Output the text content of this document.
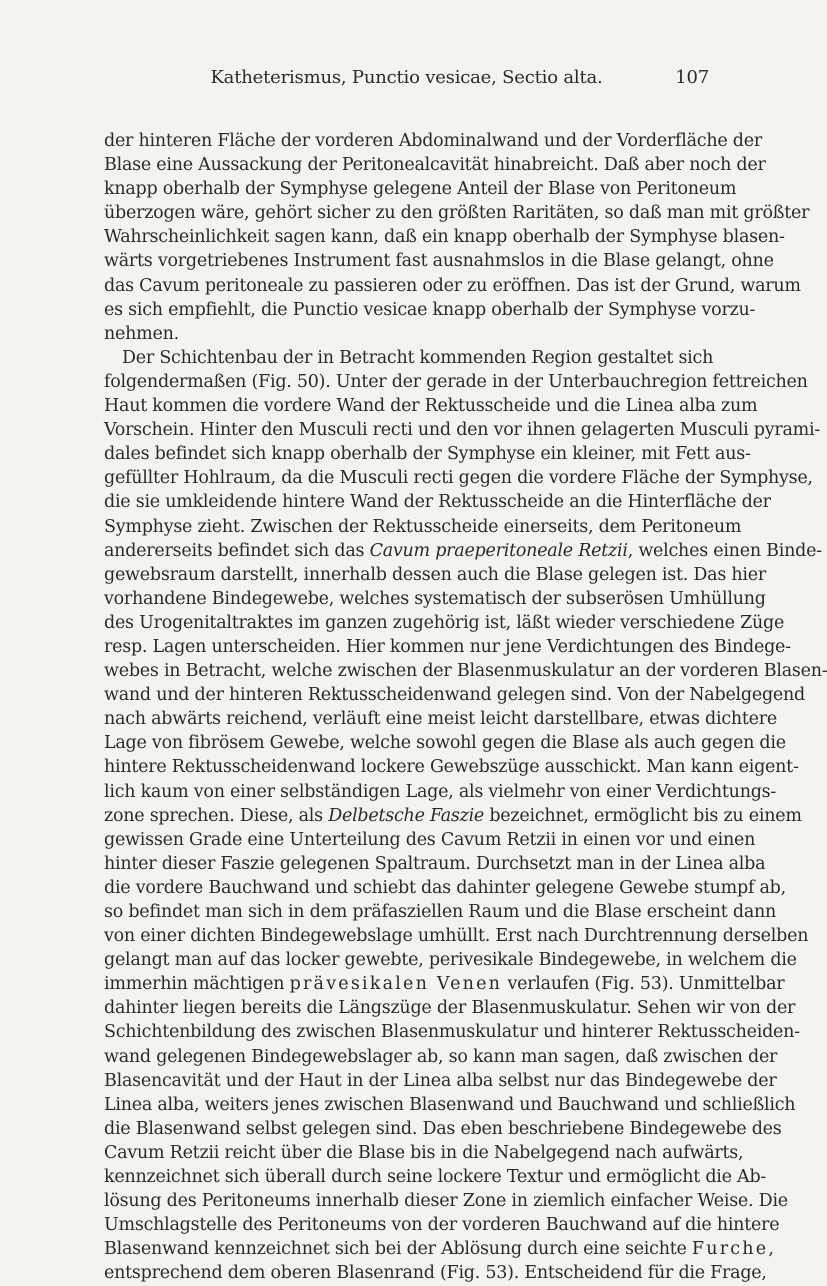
Katheterismus, Punctio vesicae, Sectio alta.	107
der hinteren Fläche der vorderen Abdominalwand und der Vorderfläche der
Blase eine Aussackung der Peritonealcavität hinabreicht. Daß aber noch der
knapp oberhalb der Symphyse gelegene Anteil der Blase von Peritoneum
überzogen wäre, gehört sicher zu den größten Raritäten, so daß man mit größter
Wahrscheinlichkeit sagen kann, daß ein knapp oberhalb der Symphyse blasen-
wärts vorgetriebenes Instrument fast ausnahmslos in die Blase gelangt, ohne
das Cavum peritoneale zu passieren oder zu eröffnen. Das ist der Grund, warum
es sich empfiehlt, die Punctio vesicae knapp oberhalb der Symphyse vorzu-
nehmen.
Der Schichtenbau der in Betracht kommenden Region gestaltet sich
folgendermaßen (Fig. 50). Unter der gerade in der Unterbauchregion fettreichen
Haut kommen die vordere Wand der Rektusscheide und die Linea alba zum
Vorschein. Hinter den Musculi recti und den vor ihnen gelagerten Musculi pyrami-
dales befindet sich knapp oberhalb der Symphyse ein kleiner, mit Fett aus-
gefüllter Hohlraum, da die Musculi recti gegen die vordere Fläche der Symphyse,
die sie umkleidende hintere Wand der Rektusscheide an die Hinterfläche der
Symphyse zieht. Zwischen der Rektusscheide einerseits, dem Peritoneum
andererseits befindet sich das Cavum praeperitoneale Retzii, welches einen Binde-
gewebsraum darstellt, innerhalb dessen auch die Blase gelegen ist. Das hier
vorhandene Bindegewebe, welches systematisch der subserösen Umhüllung
des Urogenitaltraktes im ganzen zugehörig ist, läßt wieder verschiedene Züge
resp. Lagen unterscheiden. Hier kommen nur jene Verdichtungen des Bindege-
webes in Betracht, welche zwischen der Blasenmuskulatur an der vorderen Blasen-
wand und der hinteren Rektusscheidenwand gelegen sind. Von der Nabelgegend
nach abwärts reichend, verläuft eine meist leicht darstellbare, etwas dichtere
Lage von fibrösem Gewebe, welche sowohl gegen die Blase als auch gegen die
hintere Rektusscheidenwand lockere Gewebszüge ausschickt. Man kann eigent-
lich kaum von einer selbständigen Lage, als vielmehr von einer Verdichtungs-
zone sprechen. Diese, als Delbetsche Faszie bezeichnet, ermöglicht bis zu einem
gewissen Grade eine Unterteilung des Cavum Retzii in einen vor und einen
hinter dieser Faszie gelegenen Spaltraum. Durchsetzt man in der Linea alba
die vordere Bauchwand und schiebt das dahinter gelegene Gewebe stumpf ab,
so befindet man sich in dem präfasziellen Raum und die Blase erscheint dann
von einer dichten Bindegewebslage umhüllt. Erst nach Durchtrennung derselben
gelangt man auf das locker gewebte, perivesikale Bindegewebe, in welchem die
immerhin mächtigen prävesikalen Venen verlaufen (Fig. 53). Unmittelbar
dahinter liegen bereits die Längszüge der Blasenmuskulatur. Sehen wir von der
Schichtenbildung des zwischen Blasenmuskulatur und hinterer Rektusscheiden-
wand gelegenen Bindegewebslager ab, so kann man sagen, daß zwischen der
Blasencavität und der Haut in der Linea alba selbst nur das Bindegewebe der
Linea alba, weiters jenes zwischen Blasenwand und Bauchwand und schließlich
die Blasenwand selbst gelegen sind. Das eben beschriebene Bindegewebe des
Cavum Retzii reicht über die Blase bis in die Nabelgegend nach aufwärts,
kennzeichnet sich überall durch seine lockere Textur und ermöglicht die Ab-
lösung des Peritoneums innerhalb dieser Zone in ziemlich einfacher Weise. Die
Umschlagstelle des Peritoneums von der vorderen Bauchwand auf die hintere
Blasenwand kennzeichnet sich bei der Ablösung durch eine seichte Furche,
entsprechend dem oberen Blasenrand (Fig. 53). Entscheidend für die Frage,
